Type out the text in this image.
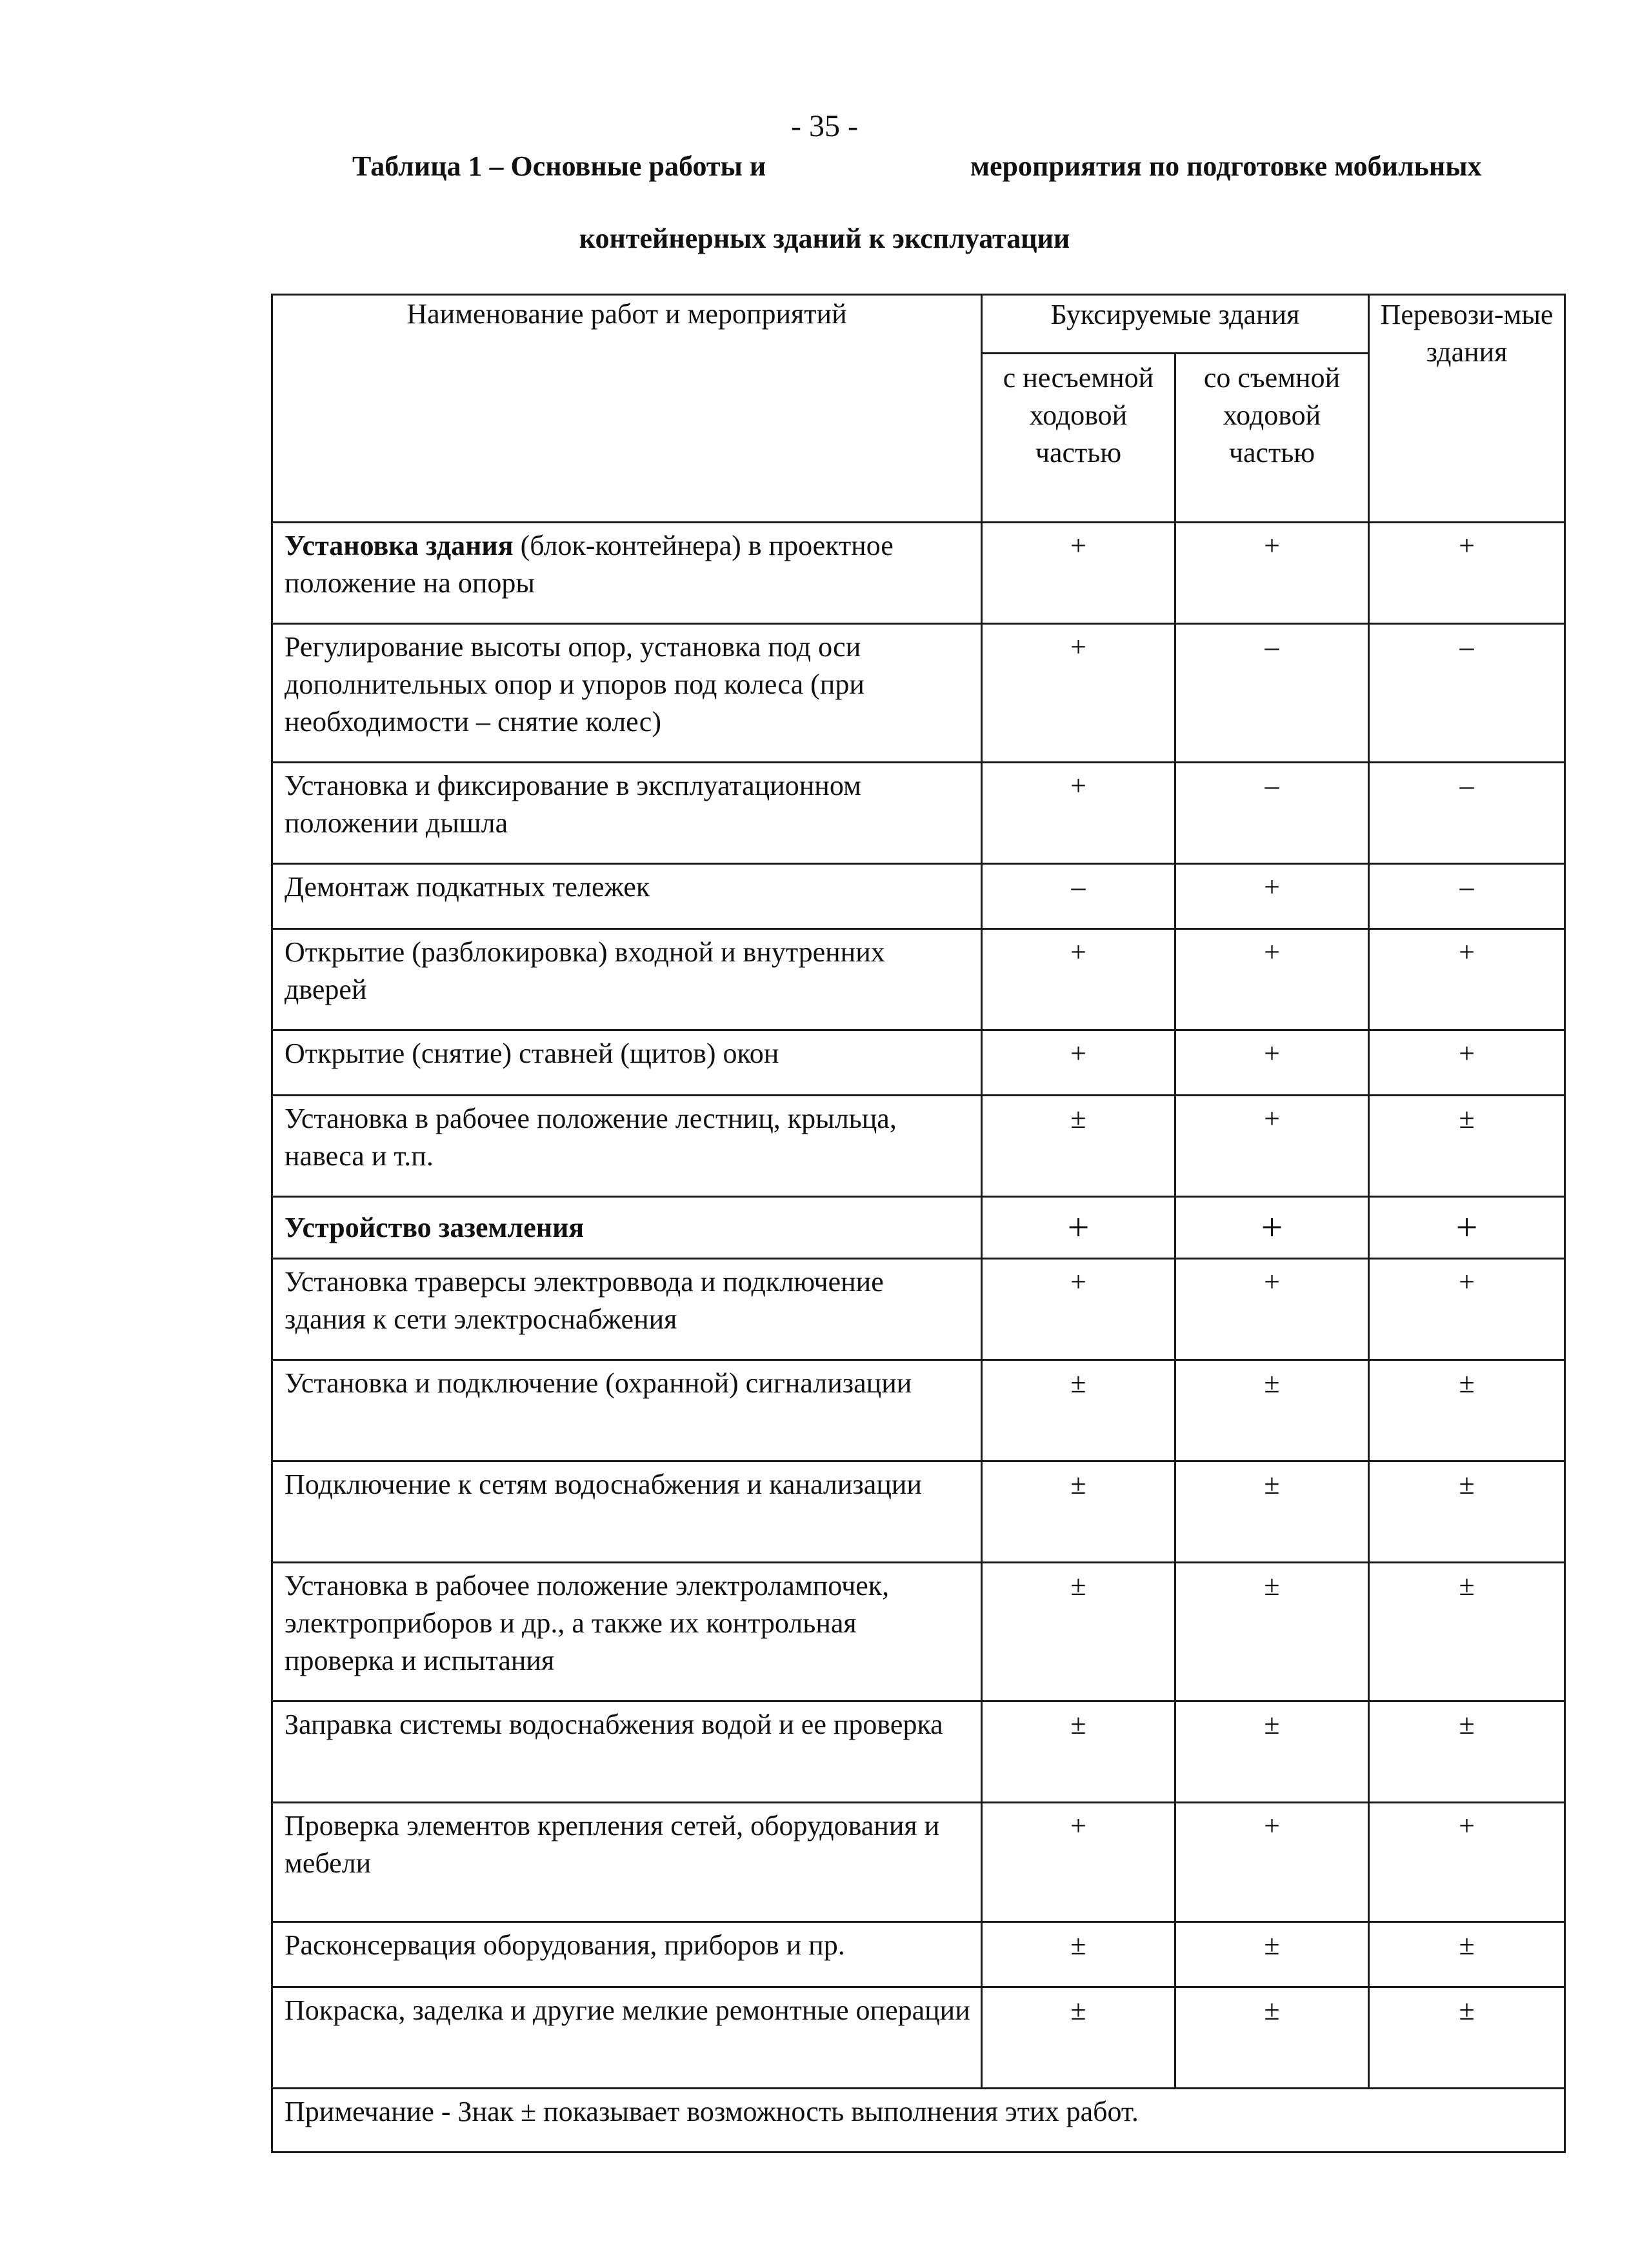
- 35 -
Таблица 1 – Основные работы и	мероприятия по подготовке мобильных
контейнерных зданий к эксплуатации
Наименование работ и мероприятий	Буксируемые здания		Перевози-мые здания
	с несъемной ходовой частью	со съемной ходовой частью	
Установка здания (блок-контейнера) в проектное положение на опоры	+	+	+
Регулирование высоты опор, установка под оси дополнительных опор и упоров под колеса (при необходимости – снятие колес)	+	–	–
Установка и фиксирование в эксплуатационном положении дышла	+	–	–
Демонтаж подкатных тележек	–	+	–
Открытие (разблокировка) входной и внутренних дверей	+	+	+
Открытие (снятие) ставней (щитов) окон	+	+	+
Установка в рабочее положение лестниц, крыльца, навеса и т.п.	±	+	±
Устройство заземления	+	+	+
Установка траверсы электроввода и подключение здания к сети электроснабжения	+	+	+
Установка и подключение (охранной) сигнализации	±	±	±
Подключение к сетям водоснабжения и канализации	±	±	±
Установка в рабочее положение электролампочек, электроприборов и др., а также их контрольная проверка и испытания	±	±	±
Заправка системы водоснабжения водой и ее проверка	±	±	±
Проверка элементов крепления сетей, оборудования и мебели	+	+	+
Расконсервация оборудования, приборов и пр.	±	±	±
Покраска, заделка и другие мелкие ремонтные операции	±	±	±
Примечание - Знак ± показывает возможность выполнения этих работ.			
